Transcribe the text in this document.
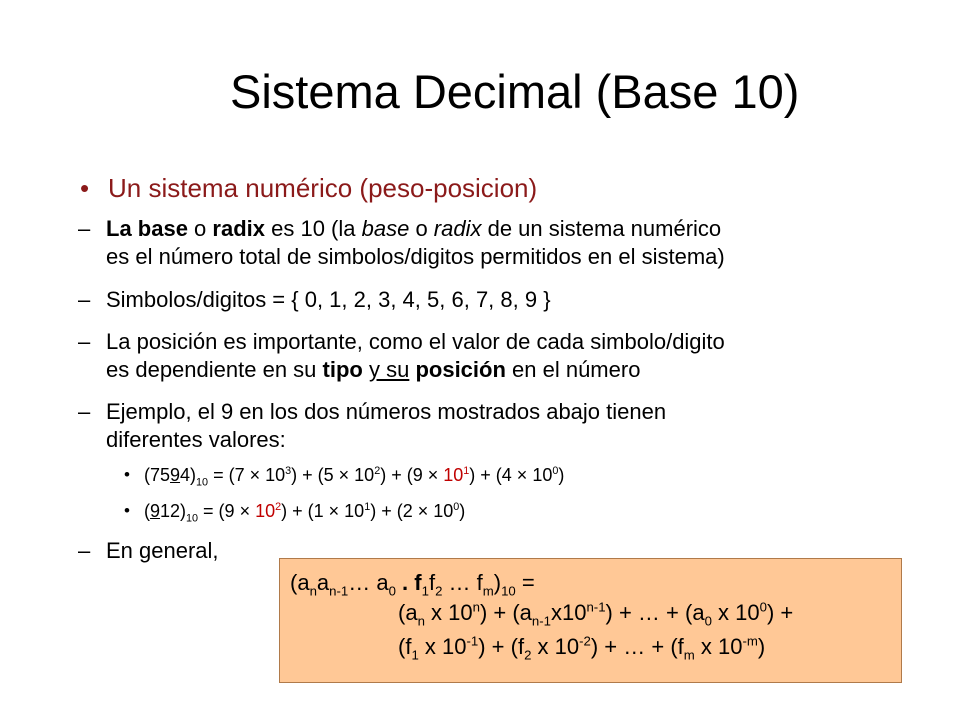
Sistema Decimal (Base 10)
• Un sistema numérico (peso-posicion)
– La base o radix es 10 (la base o radix de un sistema numérico
es el número total de simbolos/digitos permitidos en el sistema)
– Simbolos/digitos = { 0, 1, 2, 3, 4, 5, 6, 7, 8, 9 }
– La posición es importante, como el valor de cada simbolo/digito
es dependiente en su tipo y su posición en el número
– Ejemplo, el 9 en los dos números mostrados abajo tienen
diferentes valores:
• $(7594)_{10} = (7 \times 10^3) + (5 \times 10^2) + (9 \times 10^1) + (4 \times 10^0)$
• $(912)_{10} = (9 \times 10^2) + (1 \times 10^1) + (2 \times 10^0)$
– En general,
($a_na_{n-1}\dots$ $a_0$ . $f_1f_2$ … $f_m)_{10}$ =
($a_n$ x $10^n) + (a_{n-1}x10^{n-1})$ + … + ($a_0$ x $10^0$) +
($f_1$ x $10^{-1}) + (f_2$ x $10^{-2}$) + … + ($f_m$ x $10^{-m}$)
